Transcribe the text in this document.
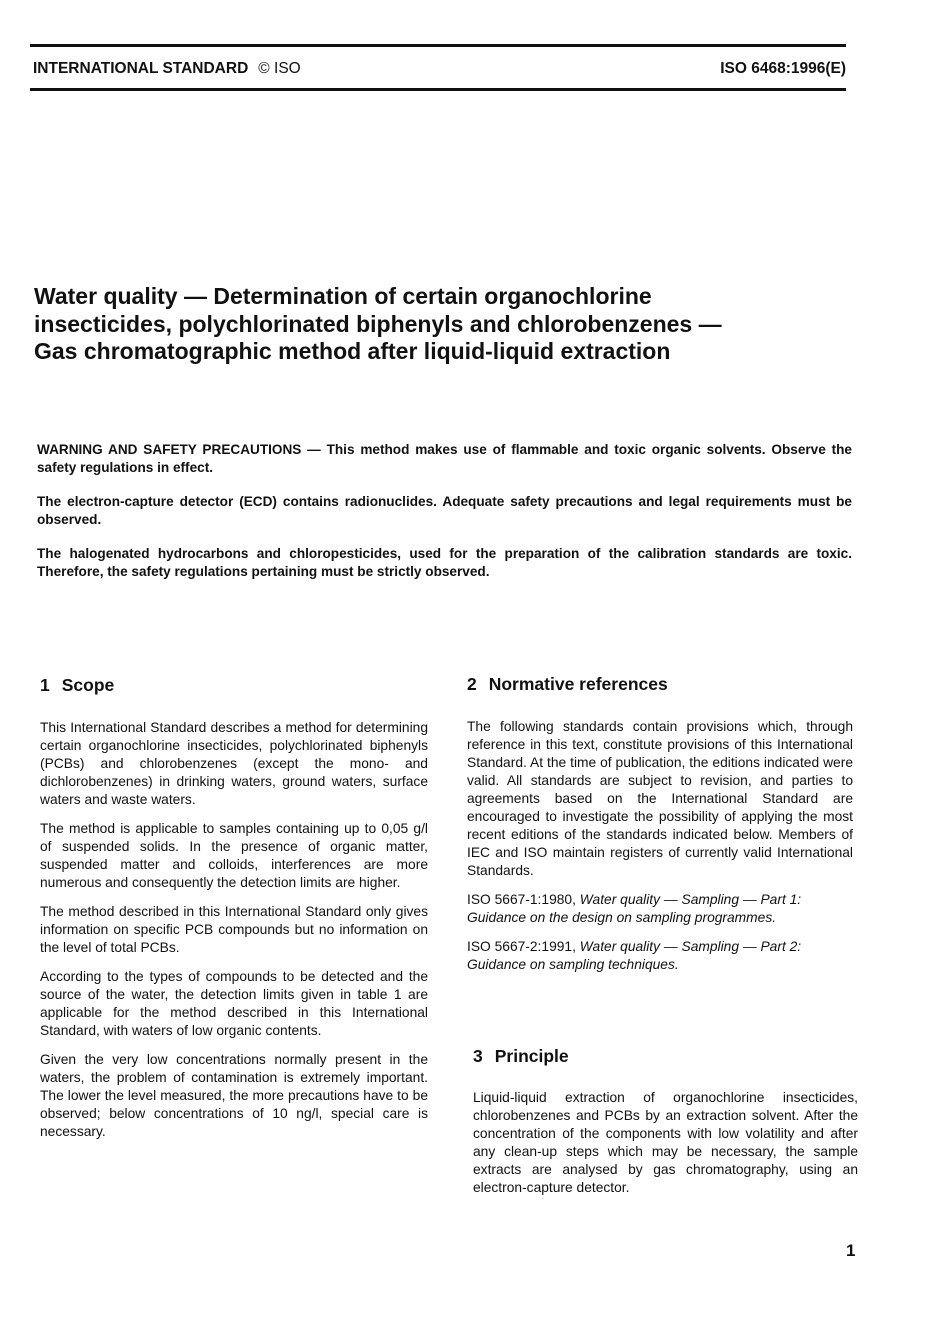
INTERNATIONAL STANDARD © ISO	ISO 6468:1996(E)
Water quality — Determination of certain organochlorine
insecticides, polychlorinated biphenyls and chlorobenzenes —
Gas chromatographic method after liquid-liquid extraction

WARNING AND SAFETY PRECAUTIONS — This method makes use of flammable and toxic organic solvents. Observe the safety regulations in effect.

The electron-capture detector (ECD) contains radionuclides. Adequate safety precautions and legal requirements must be observed.

The halogenated hydrocarbons and chloropesticides, used for the preparation of the calibration standards are toxic. Therefore, the safety regulations pertaining must be strictly observed.

1 Scope

This International Standard describes a method for determining certain organochlorine insecticides, polychlorinated biphenyls (PCBs) and chlorobenzenes (except the mono- and dichlorobenzenes) in drinking waters, ground waters, surface waters and waste waters.

The method is applicable to samples containing up to 0,05 g/l of suspended solids. In the presence of organic matter, suspended matter and colloids, interferences are more numerous and consequently the detection limits are higher.

The method described in this International Standard only gives information on specific PCB compounds but no information on the level of total PCBs.

According to the types of compounds to be detected and the source of the water, the detection limits given in table 1 are applicable for the method described in this International Standard, with waters of low organic contents.

Given the very low concentrations normally present in the waters, the problem of contamination is extremely important. The lower the level measured, the more precautions have to be observed; below concentrations of 10 ng/l, special care is necessary.

2 Normative references

The following standards contain provisions which, through reference in this text, constitute provisions of this International Standard. At the time of publication, the editions indicated were valid. All standards are subject to revision, and parties to agreements based on the International Standard are encouraged to investigate the possibility of applying the most recent editions of the standards indicated below. Members of IEC and ISO maintain registers of currently valid International Standards.

ISO 5667-1:1980, Water quality — Sampling — Part 1: Guidance on the design on sampling programmes.

ISO 5667-2:1991, Water quality — Sampling — Part 2: Guidance on sampling techniques.

3 Principle

Liquid-liquid extraction of organochlorine insecticides, chlorobenzenes and PCBs by an extraction solvent. After the concentration of the components with low volatility and after any clean-up steps which may be necessary, the sample extracts are analysed by gas chromatography, using an electron-capture detector.

1
